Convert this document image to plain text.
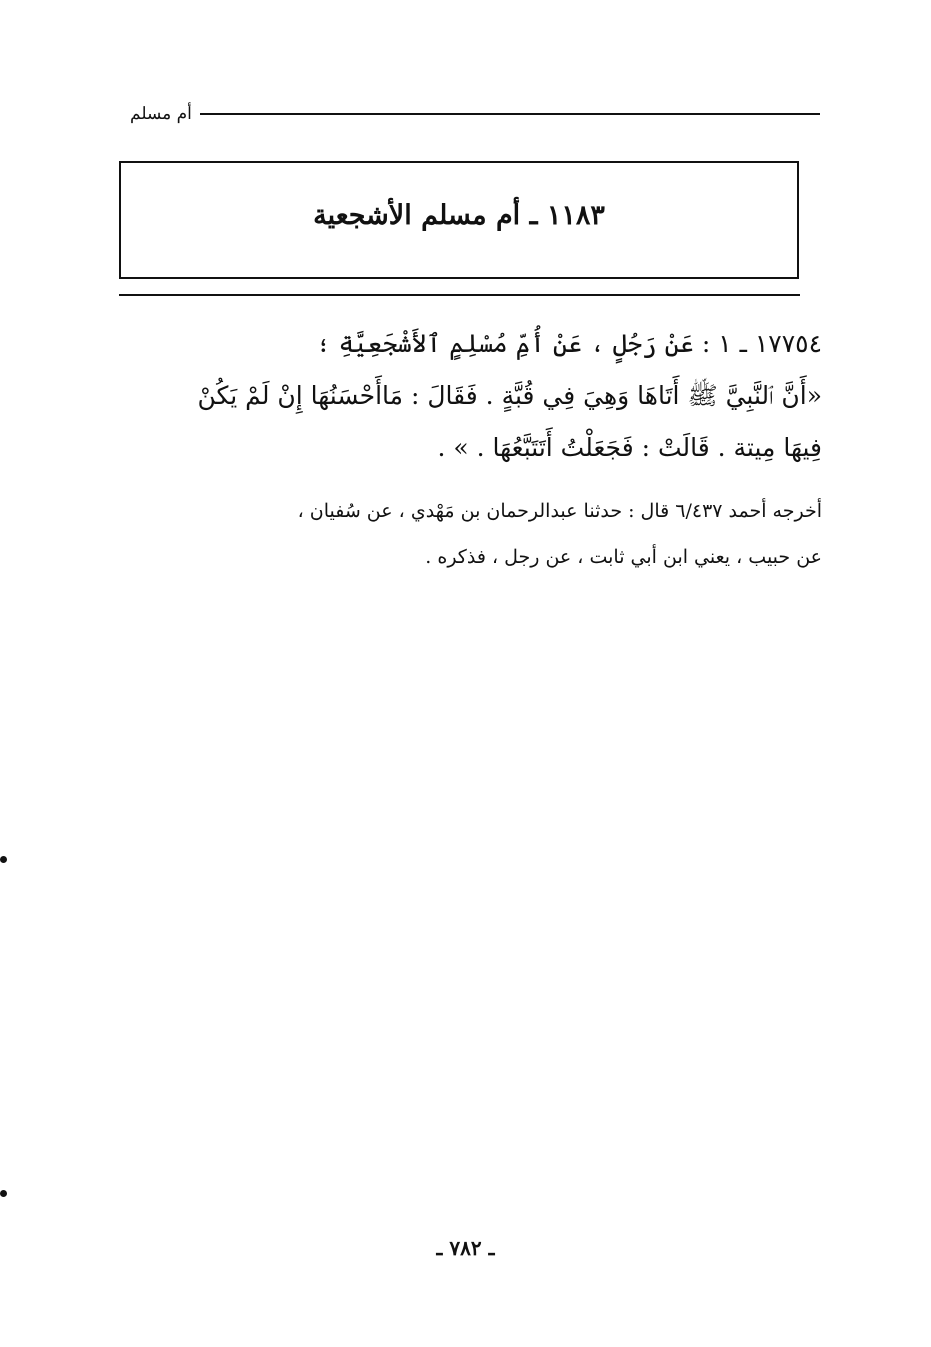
أم مسلم
١١٨٣ ـ أم مسلم الأشجعية

١٧٧٥٤ ـ ١ : عَنْ رَجُلٍ ، عَنْ أُمِّ مُسْلِمٍ ٱلأَشْجَعِيَّةِ ؛

«أَنَّ ٱلنَّبِيَّ ﷺ أَتَاهَا وَهِيَ فِي قُبَّةٍ . فَقَالَ : مَاأَحْسَنُهَا إِنْ لَمْ يَكُنْ

فِيهَا مِيتة . قَالَتْ : فَجَعَلْتُ أَتَتَبَّعُهَا . » .

أخرجه أحمد ٦/٤٣٧ قال : حدثنا عبدالرحمان بن مَهْدي ، عن سُفيان ،

عن حبيب ، يعني ابن أبي ثابت ، عن رجل ، فذكره .

ـ ٧٨٢ ـ
